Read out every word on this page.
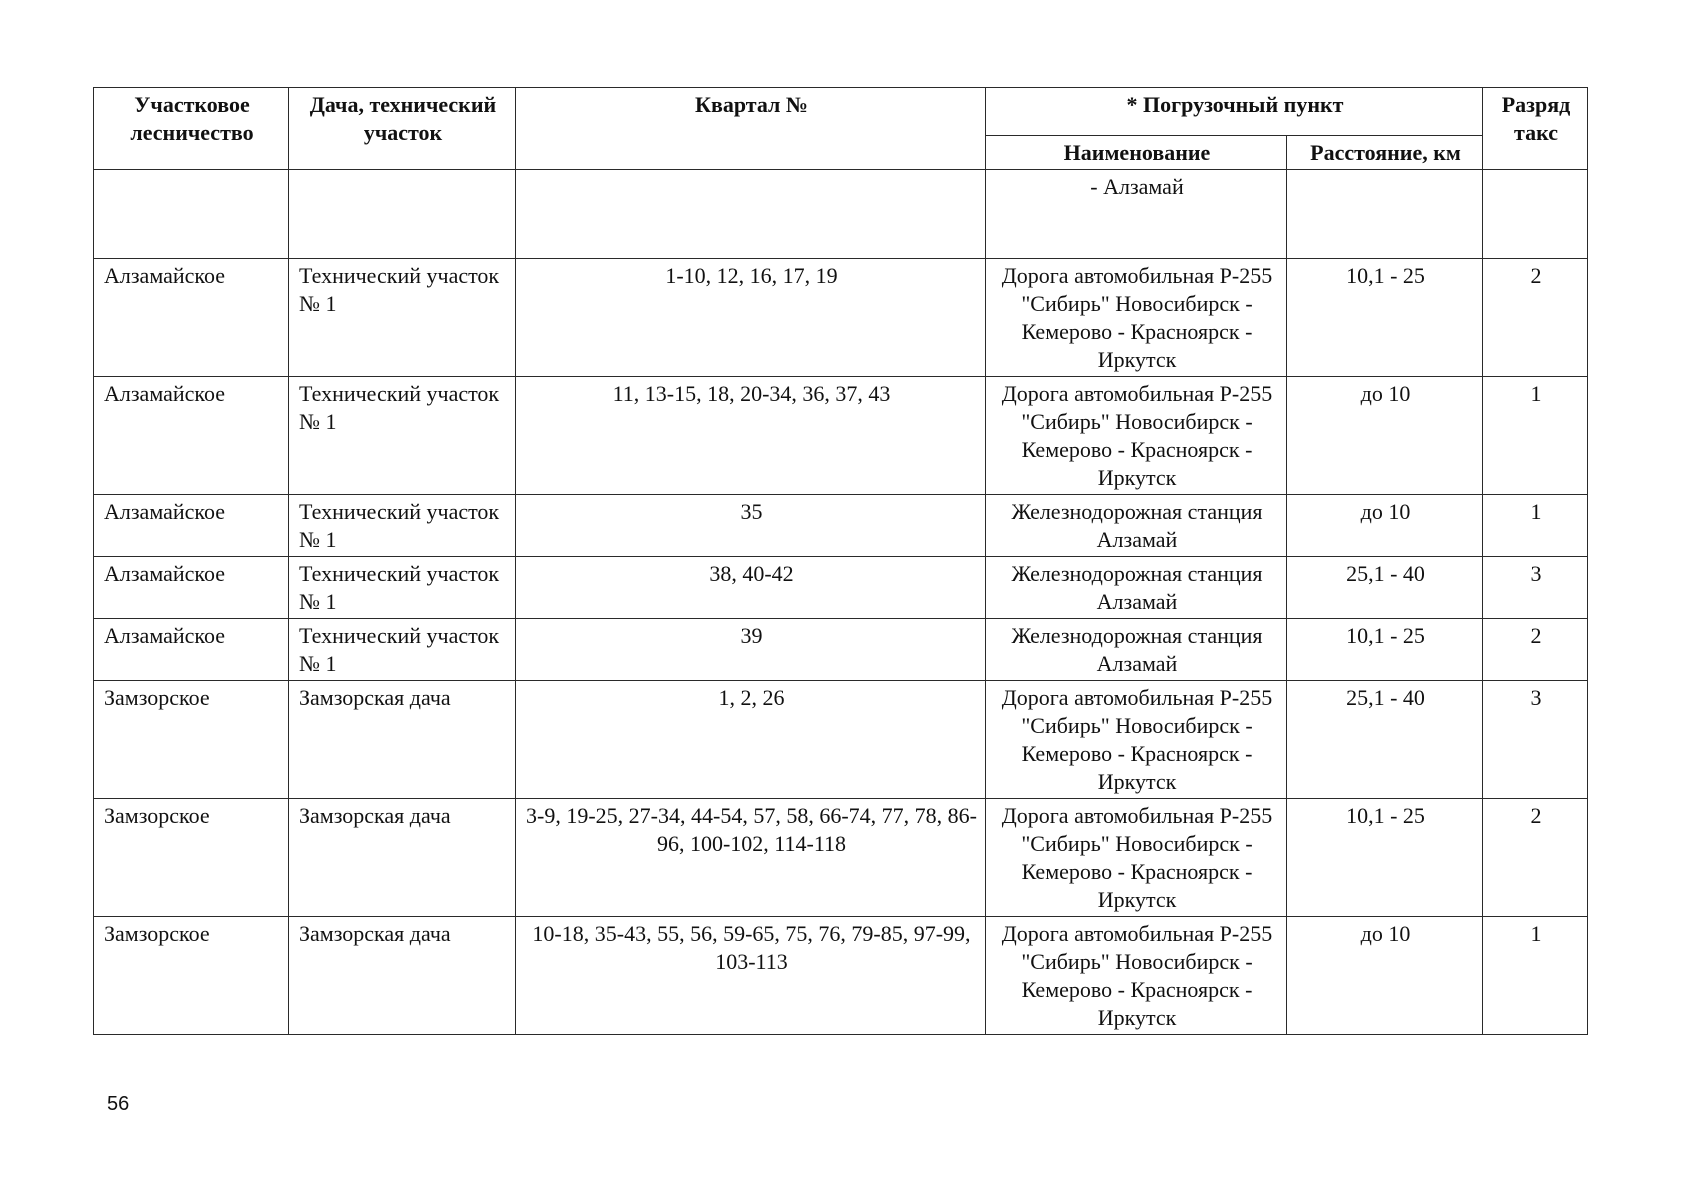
Участковое лесничество	Дача, технический участок	Квартал №	* Погрузочный пункт		Разряд такс
			Наименование	Расстояние, км	
			- Алзамай		
Алзамайское	Технический участок № 1	1-10, 12, 16, 17, 19	Дорога автомобильная Р-255 "Сибирь" Новосибирск - Кемерово - Красноярск - Иркутск	10,1 - 25	2
Алзамайское	Технический участок № 1	11, 13-15, 18, 20-34, 36, 37, 43	Дорога автомобильная Р-255 "Сибирь" Новосибирск - Кемерово - Красноярск - Иркутск	до 10	1
Алзамайское	Технический участок № 1	35	Железнодорожная станция Алзамай	до 10	1
Алзамайское	Технический участок № 1	38, 40-42	Железнодорожная станция Алзамай	25,1 - 40	3
Алзамайское	Технический участок № 1	39	Железнодорожная станция Алзамай	10,1 - 25	2
Замзорское	Замзорская дача	1, 2, 26	Дорога автомобильная Р-255 "Сибирь" Новосибирск - Кемерово - Красноярск - Иркутск	25,1 - 40	3
Замзорское	Замзорская дача	3-9, 19-25, 27-34, 44-54, 57, 58, 66-74, 77, 78, 86-96, 100-102, 114-118	Дорога автомобильная Р-255 "Сибирь" Новосибирск - Кемерово - Красноярск - Иркутск	10,1 - 25	2
Замзорское	Замзорская дача	10-18, 35-43, 55, 56, 59-65, 75, 76, 79-85, 97-99, 103-113	Дорога автомобильная Р-255 "Сибирь" Новосибирск - Кемерово - Красноярск - Иркутск	до 10	1
56
